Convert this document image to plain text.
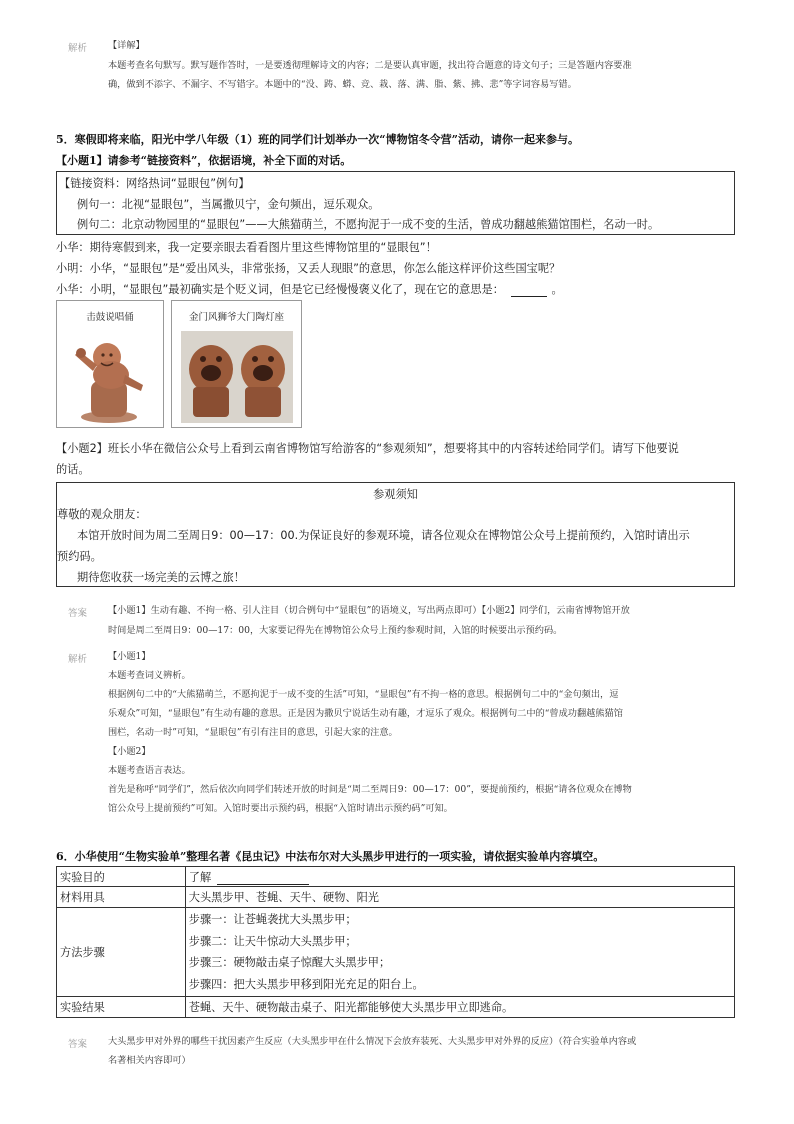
解析 【详解】
本题考查名句默写。默写题作答时，一是要透彻理解诗文的内容；二是要认真审题，找出符合题意的诗文句子；三是答题内容要准
确，做到不添字、不漏字、不写错字。本题中的“没、踌、蟒、竞、栽、落、满、脂、紫、拂、悲”等字词容易写错。
5．寒假即将来临，阳光中学八年级（1）班的同学们计划举办一次“博物馆冬令营”活动，请你一起来参与。
【小题1】请参考“链接资料”，依据语境，补全下面的对话。
【链接资料：网络热词“显眼包”例句】
例句一：北视“显眼包”，当属撒贝宁，金句频出，逗乐观众。
例句二：北京动物园里的“显眼包”——大熊猫萌兰，不愿拘泥于一成不变的生活，曾成功翻越熊猫馆围栏，名动一时。
小华：期待寒假到来，我一定要亲眼去看看图片里这些博物馆里的“显眼包”！
小明：小华，“显眼包”是“爱出风头，非常张扬，又丢人现眼”的意思，你怎么能这样评价这些国宝呢？
小华：小明，“显眼包”最初确实是个贬义词，但是它已经慢慢褒义化了，现在它的意思是：	。
击鼓说唱俑	金门风狮爷大门陶灯座
【小题2】班长小华在微信公众号上看到云南省博物馆写给游客的“参观须知”，想要将其中的内容转述给同学们。请写下他要说
的话。
参观须知
尊敬的观众朋友：
本馆开放时间为周二至周日9：00—17：00.为保证良好的参观环境，请各位观众在博物馆公众号上提前预约，入馆时请出示
预约码。
期待您收获一场完美的云博之旅！
答案 【小题1】生动有趣、不拘一格、引人注目（切合例句中“显眼包”的语境义，写出两点即可）【小题2】同学们，云南省博物馆开放
时间是周二至周日9：00—17：00，大家要记得先在博物馆公众号上预约参观时间，入馆的时候要出示预约码。
解析 【小题1】
本题考查词义辨析。
根据例句二中的“大熊猫萌兰，不愿拘泥于一成不变的生活”可知，“显眼包”有不拘一格的意思。根据例句二中的“金句频出，逗
乐观众”可知，“显眼包”有生动有趣的意思。正是因为撒贝宁说话生动有趣，才逗乐了观众。根据例句二中的“曾成功翻越熊猫馆
围栏，名动一时”可知，“显眼包”有引有注目的意思，引起大家的注意。
【小题2】
本题考查语言表达。
首先是称呼“同学们”，然后依次向同学们转述开放的时间是“周二至周日9：00—17：00”，要提前预约，根据“请各位观众在博物
馆公众号上提前预约”可知。入馆时要出示预约码，根据“入馆时请出示预约码”可知。
6．小华使用“生物实验单”整理名著《昆虫记》中法布尔对大头黑步甲进行的一项实验，请依据实验单内容填空。
实验目的	了解
材料用具	大头黑步甲、苍蝇、天牛、硬物、阳光
方法步骤	步骤一：让苍蝇袭扰大头黑步甲；
步骤二：让天牛惊动大头黑步甲；
步骤三：硬物敲击桌子惊醒大头黑步甲；
步骤四：把大头黑步甲移到阳光充足的阳台上。

实验结果	苍蝇、天牛、硬物敲击桌子、阳光都能够使大头黑步甲立即逃命。
答案 大头黑步甲对外界的哪些干扰因素产生反应（大头黑步甲在什么情况下会放弃装死、大头黑步甲对外界的反应）（符合实验单内容或
名著相关内容即可）
